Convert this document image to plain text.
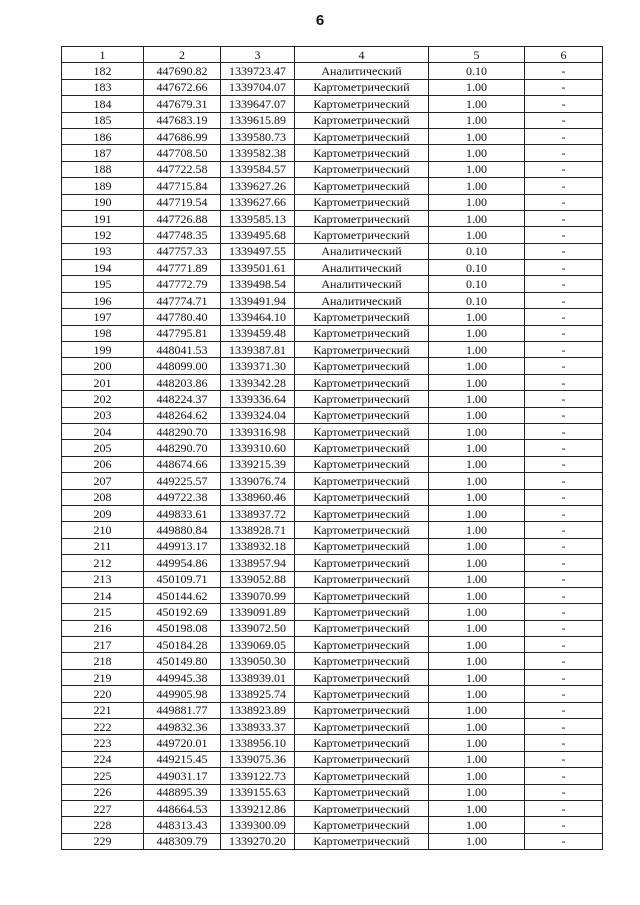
6
1	2	3	4	5	6
182	447690.82	1339723.47	Аналитический	0.10	-
183	447672.66	1339704.07	Картометрический	1.00	-
184	447679.31	1339647.07	Картометрический	1.00	-
185	447683.19	1339615.89	Картометрический	1.00	-
186	447686.99	1339580.73	Картометрический	1.00	-
187	447708.50	1339582.38	Картометрический	1.00	-
188	447722.58	1339584.57	Картометрический	1.00	-
189	447715.84	1339627.26	Картометрический	1.00	-
190	447719.54	1339627.66	Картометрический	1.00	-
191	447726.88	1339585.13	Картометрический	1.00	-
192	447748.35	1339495.68	Картометрический	1.00	-
193	447757.33	1339497.55	Аналитический	0.10	-
194	447771.89	1339501.61	Аналитический	0.10	-
195	447772.79	1339498.54	Аналитический	0.10	-
196	447774.71	1339491.94	Аналитический	0.10	-
197	447780.40	1339464.10	Картометрический	1.00	-
198	447795.81	1339459.48	Картометрический	1.00	-
199	448041.53	1339387.81	Картометрический	1.00	-
200	448099.00	1339371.30	Картометрический	1.00	-
201	448203.86	1339342.28	Картометрический	1.00	-
202	448224.37	1339336.64	Картометрический	1.00	-
203	448264.62	1339324.04	Картометрический	1.00	-
204	448290.70	1339316.98	Картометрический	1.00	-
205	448290.70	1339310.60	Картометрический	1.00	-
206	448674.66	1339215.39	Картометрический	1.00	-
207	449225.57	1339076.74	Картометрический	1.00	-
208	449722.38	1338960.46	Картометрический	1.00	-
209	449833.61	1338937.72	Картометрический	1.00	-
210	449880.84	1338928.71	Картометрический	1.00	-
211	449913.17	1338932.18	Картометрический	1.00	-
212	449954.86	1338957.94	Картометрический	1.00	-
213	450109.71	1339052.88	Картометрический	1.00	-
214	450144.62	1339070.99	Картометрический	1.00	-
215	450192.69	1339091.89	Картометрический	1.00	-
216	450198.08	1339072.50	Картометрический	1.00	-
217	450184.28	1339069.05	Картометрический	1.00	-
218	450149.80	1339050.30	Картометрический	1.00	-
219	449945.38	1338939.01	Картометрический	1.00	-
220	449905.98	1338925.74	Картометрический	1.00	-
221	449881.77	1338923.89	Картометрический	1.00	-
222	449832.36	1338933.37	Картометрический	1.00	-
223	449720.01	1338956.10	Картометрический	1.00	-
224	449215.45	1339075.36	Картометрический	1.00	-
225	449031.17	1339122.73	Картометрический	1.00	-
226	448895.39	1339155.63	Картометрический	1.00	-
227	448664.53	1339212.86	Картометрический	1.00	-
228	448313.43	1339300.09	Картометрический	1.00	-
229	448309.79	1339270.20	Картометрический	1.00	-
